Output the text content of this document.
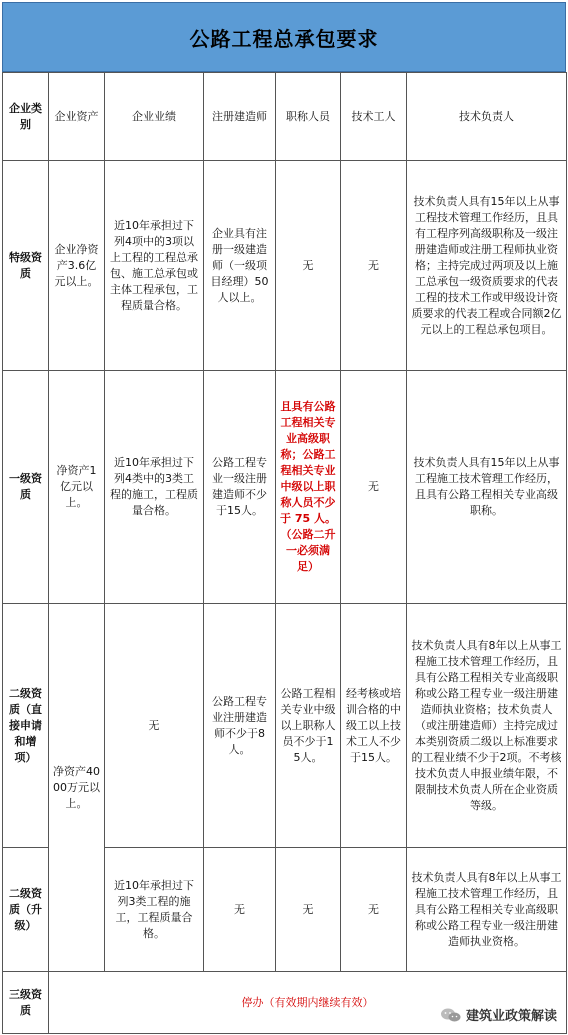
公路工程总承包要求
企业类别	企业资产	企业业绩	注册建造师	职称人员	技术工人	技术负责人
特级资质	企业净资产3.6亿元以上。	近10年承担过下列4项中的3项以上工程的工程总承包、施工总承包或主体工程承包，工程质量合格。	企业具有注册一级建造师（一级项目经理）50人以上。	无	无	技术负责人具有15年以上从事工程技术管理工作经历，且具有工程序列高级职称及一级注册建造师或注册工程师执业资格；主持完成过两项及以上施工总承包一级资质要求的代表工程的技术工作或甲级设计资质要求的代表工程或合同额2亿元以上的工程总承包项目。
一级资质	净资产1亿元以上。	近10年承担过下列4类中的3类工程的施工，工程质量合格。	公路工程专业一级注册建造师不少于15人。	且具有公路工程相关专业高级职称；公路工程相关专业中级以上职称人员不少于 75 人。（公路二升一必须满足）	无	技术负责人具有15年以上从事工程施工技术管理工作经历，且具有公路工程相关专业高级职称。
二级资质（直接申请和增项）	净资产4000万元以上。	无	公路工程专业注册建造师不少于8人。	公路工程相关专业中级以上职称人员不少于15人。	经考核或培训合格的中级工以上技术工人不少于15人。	技术负责人具有8年以上从事工程施工技术管理工作经历，且具有公路工程相关专业高级职称或公路工程专业一级注册建造师执业资格；技术负责人（或注册建造师）主持完成过本类别资质二级以上标准要求的工程业绩不少于2项。不考核技术负责人申报业绩年限，不限制技术负责人所在企业资质等级。
二级资质（升级）		近10年承担过下列3类工程的施工，工程质量合格。	无	无	无	技术负责人具有8年以上从事工程施工技术管理工作经历，且具有公路工程相关专业高级职称或公路工程专业一级注册建造师执业资格。
三级资质	停办（有效期内继续有效）					
建筑业政策解读
